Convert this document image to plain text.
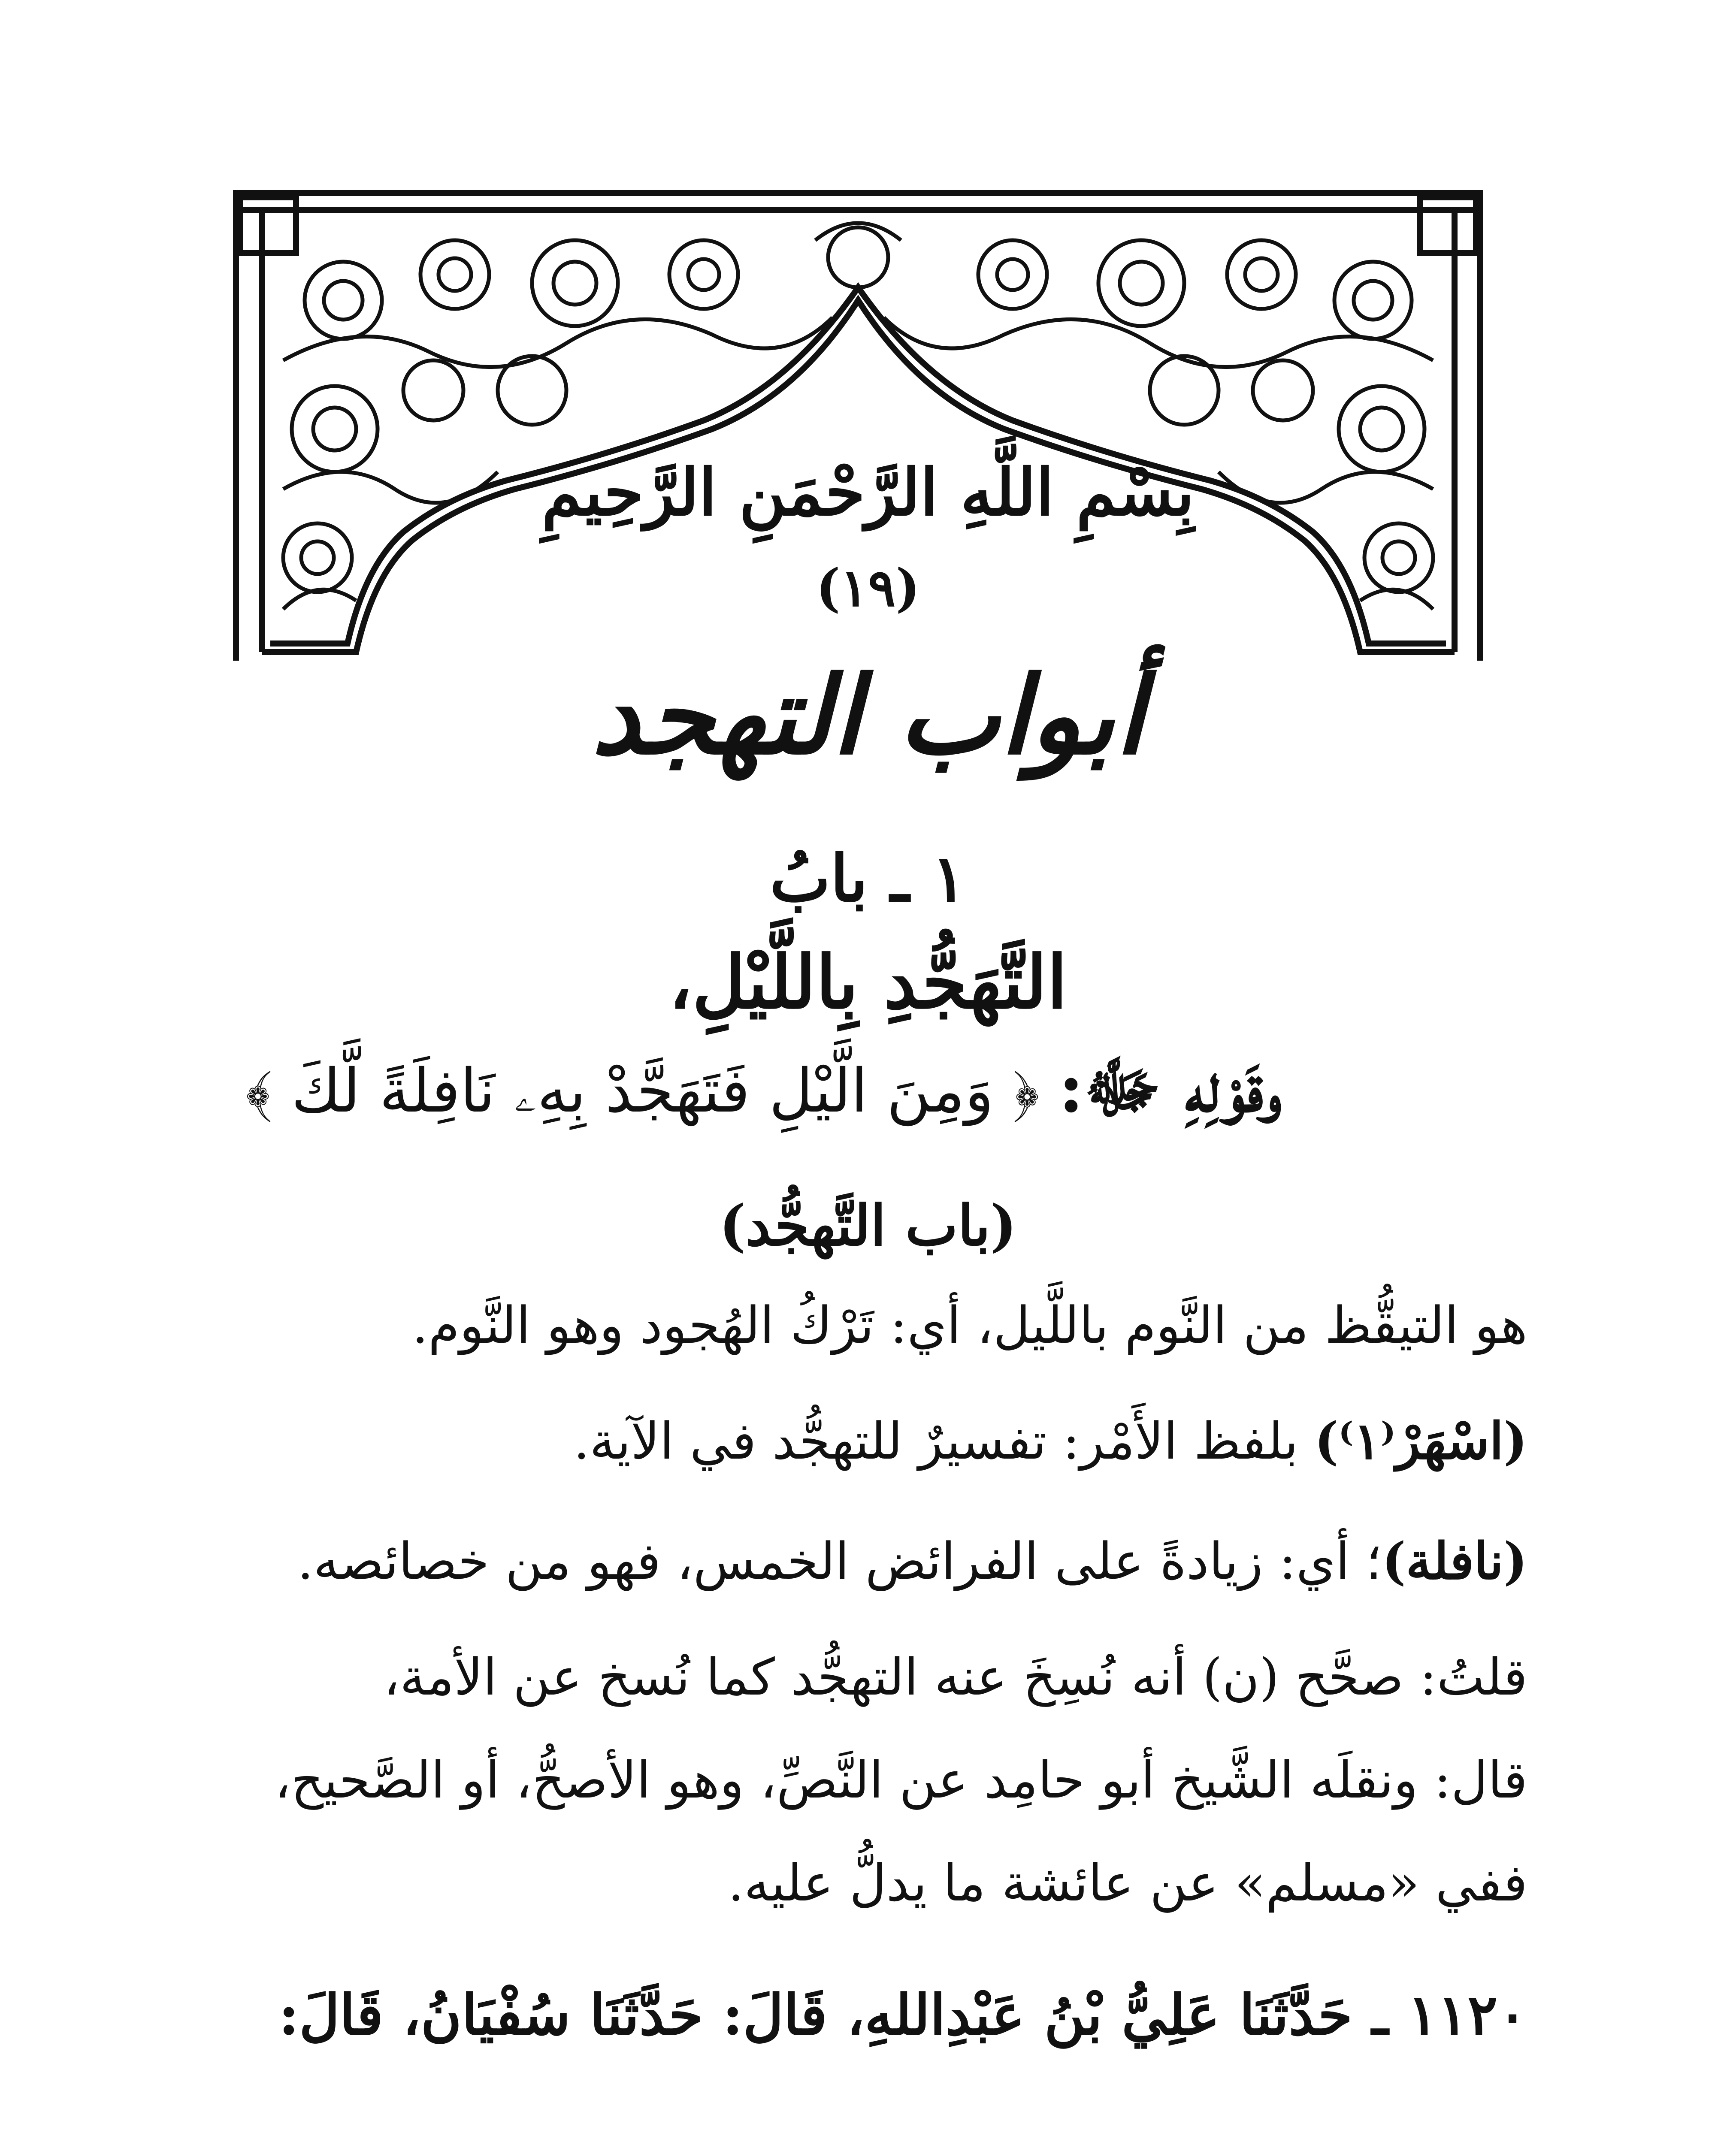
بِسْمِ اللَّهِ الرَّحْمَنِ الرَّحِيمِ
(١٩)
أبواب التهجد
١ ـ بابُ
التَّهَجُّدِ بِاللَّيْلِ،
وقَوْلِهِ ﷻ: ﴿ وَمِنَ الَّيْلِ فَتَهَجَّدْ بِهِۦ نَافِلَةً لَّكَ ﴾
(باب التَّهجُّد)
هو التيقُّظ من النَّوم باللَّيل، أي: تَرْكُ الهُجود وهو النَّوم.
(اسْهَرْ⁽١⁾) بلفظ الأَمْر: تفسيرٌ للتهجُّد في الآية.
(نافلة)؛ أي: زيادةً على الفرائض الخمس، فهو من خصائصه.
قلتُ: صحَّح (ن) أنه نُسِخَ عنه التهجُّد كما نُسخ عن الأمة،
قال: ونقلَه الشَّيخ أبو حامِد عن النَّصِّ، وهو الأصحُّ، أو الصَّحيح،
ففي «مسلم» عن عائشة ما يدلُّ عليه.
١١٢٠ ـ حَدَّثَنَا عَلِيُّ بْنُ عَبْدِاللهِ، قَالَ: حَدَّثَنَا سُفْيَانُ، قَالَ:
